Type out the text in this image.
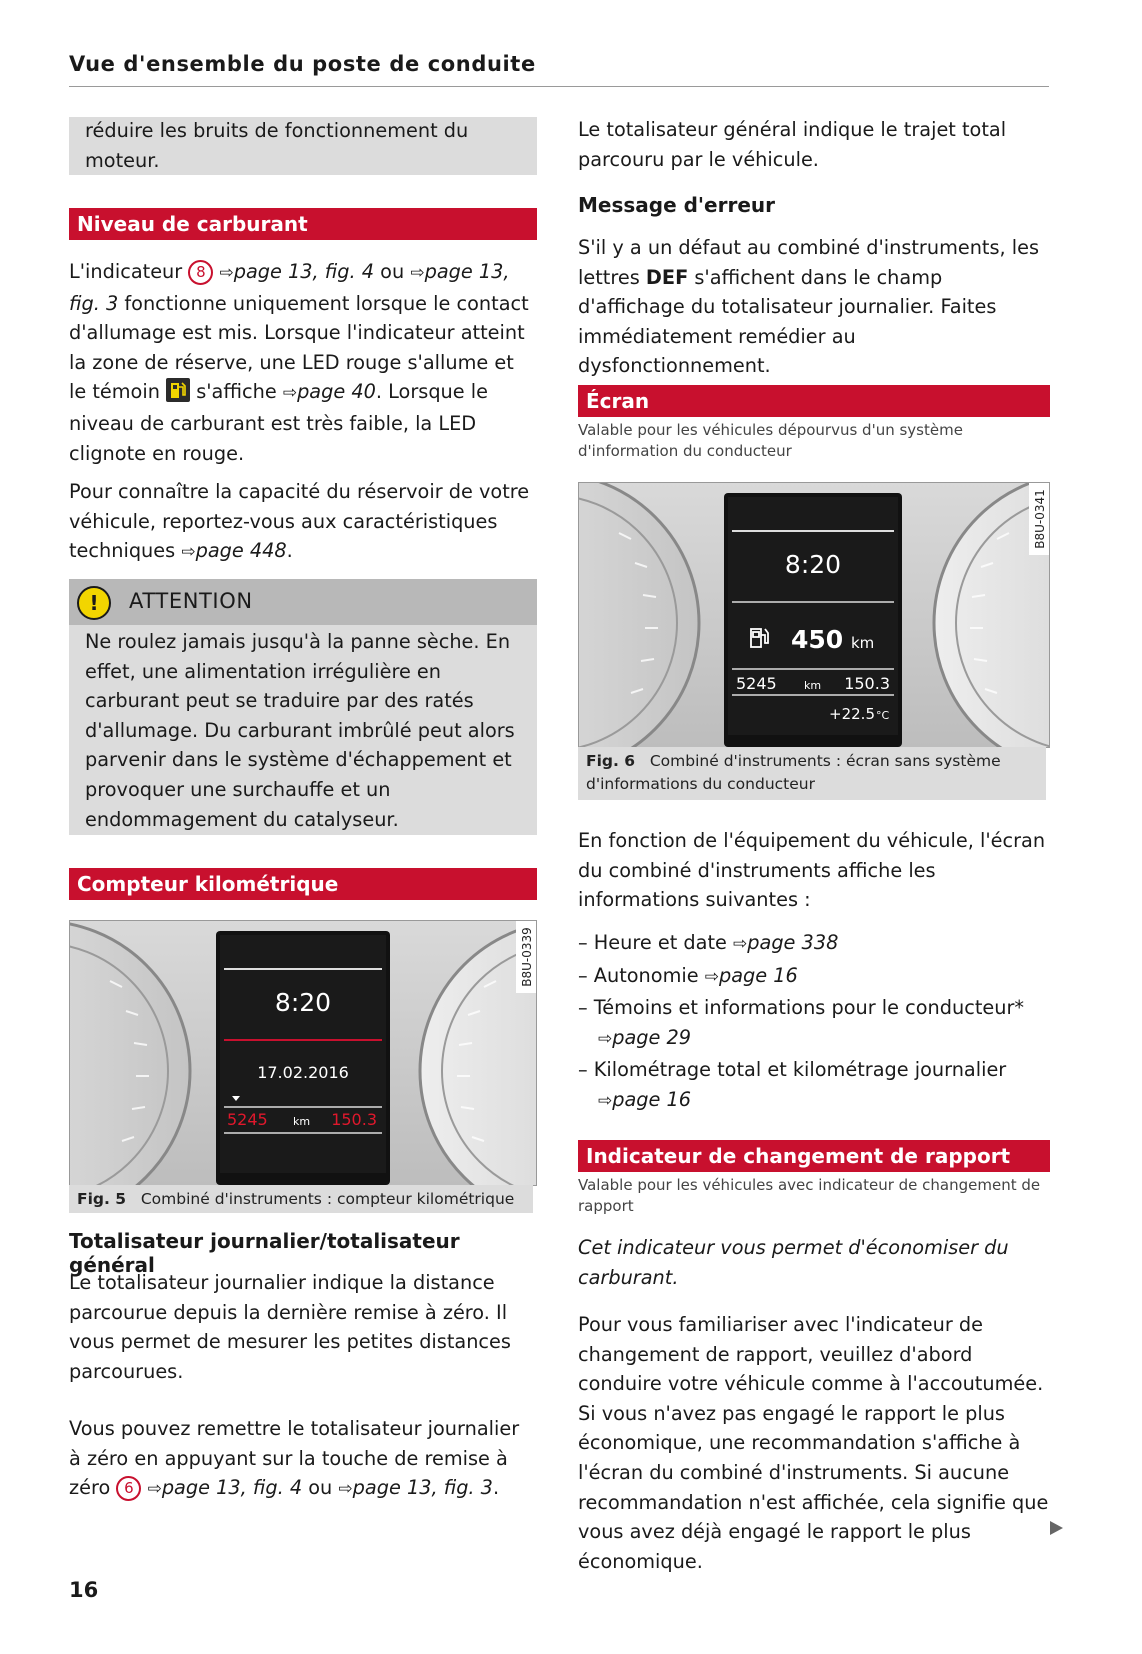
Vue d'ensemble du poste de conduite

réduire les bruits de fonctionnement du moteur.

Niveau de carburant

L'indicateur 8 ⇨page 13, fig. 4 ou ⇨page 13, fig. 3 fonctionne uniquement lorsque le contact d'allumage est mis. Lorsque l'indicateur atteint la zone de réserve, une LED rouge s'allume et le témoin  s'affiche ⇨page 40. Lorsque le niveau de carburant est très faible, la LED clignote en rouge.

Pour connaître la capacité du réservoir de votre véhicule, reportez-vous aux caractéristiques techniques ⇨page 448.

!	ATTENTION

Ne roulez jamais jusqu'à la panne sèche. En effet, une alimentation irrégulière en carburant peut se traduire par des ratés d'allumage. Du carburant imbrûlé peut alors parvenir dans le système d'échappement et provoquer une surchauffe et un endommagement du catalyseur.

Compteur kilométrique
8:20
17.02.2016
5245 km 150.3
B8U-0339
Fig. 5 Combiné d'instruments : compteur kilométrique
Totalisateur journalier/totalisateur général

Le totalisateur journalier indique la distance parcourue depuis la dernière remise à zéro. Il vous permet de mesurer les petites distances parcourues.

Vous pouvez remettre le totalisateur journalier à zéro en appuyant sur la touche de remise à zéro 6 ⇨page 13, fig. 4 ou ⇨page 13, fig. 3.

Le totalisateur général indique le trajet total parcouru par le véhicule.

Message d'erreur

S'il y a un défaut au combiné d'instruments, les lettres DEF s'affichent dans le champ d'affichage du totalisateur journalier. Faites immédiatement remédier au dysfonctionnement.

Écran
Valable pour les véhicules dépourvus d'un système d'information du conducteur
8:20
450 km
5245 km 150.3
+22.5 °C
B8U-0341
Fig. 6 Combiné d'instruments : écran sans système d'informations du conducteur

En fonction de l'équipement du véhicule, l'écran du combiné d'instruments affiche les informations suivantes :

– Heure et date ⇨page 338
– Autonomie ⇨page 16
– Témoins et informations pour le conducteur*
⇨page 29
– Kilométrage total et kilométrage journalier
⇨page 16
Indicateur de changement de rapport
Valable pour les véhicules avec indicateur de changement de rapport

Cet indicateur vous permet d'économiser du carburant.

Pour vous familiariser avec l'indicateur de changement de rapport, veuillez d'abord conduire votre véhicule comme à l'accoutumée. Si vous n'avez pas engagé le rapport le plus économique, une recommandation s'affiche à l'écran du combiné d'instruments. Si aucune recommandation n'est affichée, cela signifie que vous avez déjà engagé le rapport le plus économique.

16
